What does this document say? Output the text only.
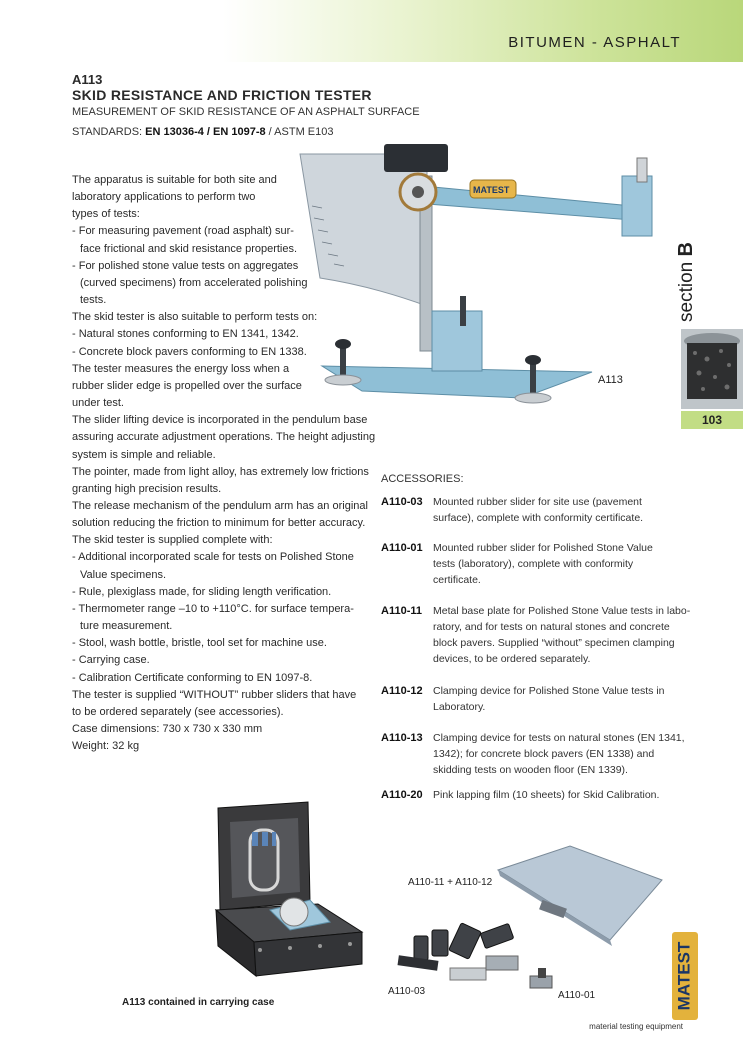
BITUMEN - ASPHALT
A113
SKID RESISTANCE AND FRICTION TESTER
MEASUREMENT OF SKID RESISTANCE OF AN ASPHALT SURFACE
STANDARDS: EN 13036-4 / EN 1097-8 / ASTM E103
The apparatus is suitable for both site and
laboratory applications to perform two
types of tests:
- For measuring pavement (road asphalt) sur-
face frictional and skid resistance properties.
- For polished stone value tests on aggregates
(curved specimens) from accelerated polishing
tests.
The skid tester is also suitable to perform tests on:
- Natural stones conforming to EN 1341, 1342.
- Concrete block pavers conforming to EN 1338.
The tester measures the energy loss when a
rubber slider edge is propelled over the surface
under test.
The slider lifting device is incorporated in the pendulum base
assuring accurate adjustment operations. The height adjusting
system is simple and reliable.
The pointer, made from light alloy, has extremely low frictions
granting high precision results.
The release mechanism of the pendulum arm has an original
solution reducing the friction to minimum for better accuracy.
The skid tester is supplied complete with:
- Additional incorporated scale for tests on Polished Stone
Value specimens.
- Rule, plexiglass made, for sliding length verification.
- Thermometer range –10 to +110°C. for surface tempera-
ture measurement.
- Stool, wash bottle, bristle, tool set for machine use.
- Carrying case.
- Calibration Certificate conforming to EN 1097-8.
The tester is supplied “WITHOUT” rubber sliders that have
to be ordered separately (see accessories).
Case dimensions: 730 x 730 x 330 mm
Weight: 32 kg
MATEST
A113
section B
103
ACCESSORIES:
A110-03 Mounted rubber slider for site use (pavement
surface), complete with conformity certificate.
A110-01 Mounted rubber slider for Polished Stone Value
tests (laboratory), complete with conformity
certificate.
A110-11 Metal base plate for Polished Stone Value tests in labo-
ratory, and for tests on natural stones and concrete
block pavers. Supplied “without” specimen clamping
devices, to be ordered separately.
A110-12 Clamping device for Polished Stone Value tests in
Laboratory.
A110-13 Clamping device for tests on natural stones (EN 1341,
1342); for concrete block pavers (EN 1338) and
skidding tests on wooden floor (EN 1339).
A110-20 Pink lapping film (10 sheets) for Skid Calibration.
A113 contained in carrying case
A110-11 + A110-12
A110-03	A110-01	MATEST
material testing equipment
